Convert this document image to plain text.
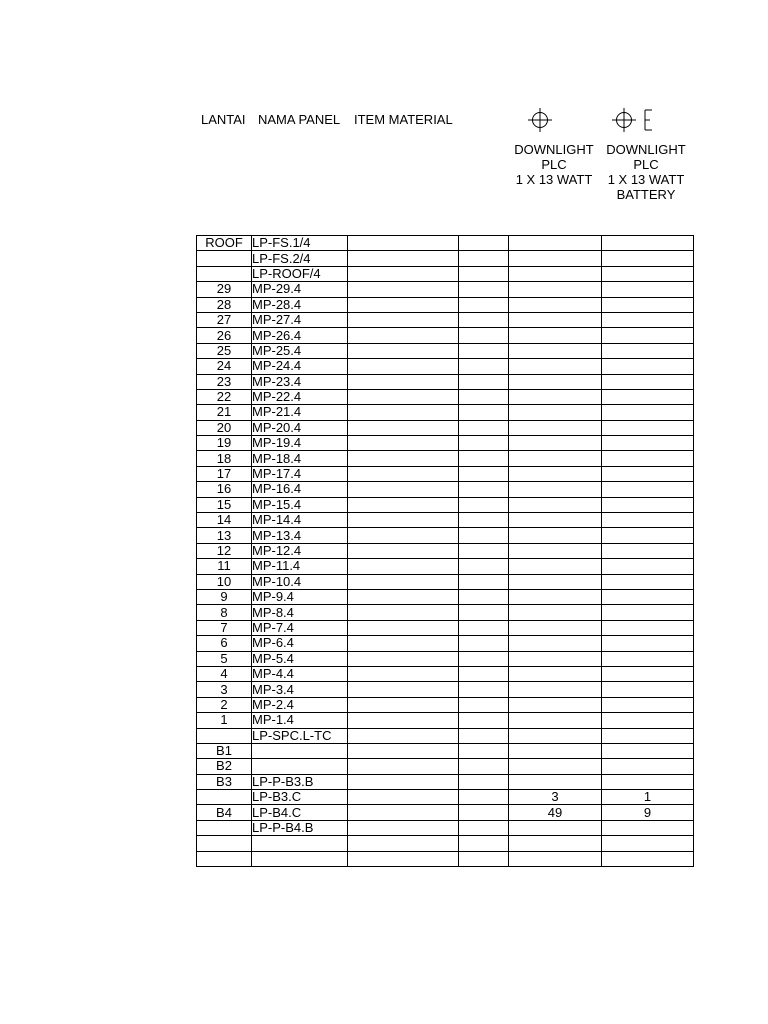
LANTAI NAMA PANEL ITEM MATERIAL
DOWNLIGHT
PLC
1 X 13 WATT
DOWNLIGHT
PLC
1 X 13 WATT
BATTERY
ROOF	LP-FS.1/4				
	LP-FS.2/4				
	LP-ROOF/4				
29	MP-29.4				
28	MP-28.4				
27	MP-27.4				
26	MP-26.4				
25	MP-25.4				
24	MP-24.4				
23	MP-23.4				
22	MP-22.4				
21	MP-21.4				
20	MP-20.4				
19	MP-19.4				
18	MP-18.4				
17	MP-17.4				
16	MP-16.4				
15	MP-15.4				
14	MP-14.4				
13	MP-13.4				
12	MP-12.4				
11	MP-11.4				
10	MP-10.4				
9	MP-9.4				
8	MP-8.4				
7	MP-7.4				
6	MP-6.4				
5	MP-5.4				
4	MP-4.4				
3	MP-3.4				
2	MP-2.4				
1	MP-1.4				
	LP-SPC.L-TC				
B1					
B2					
B3	LP-P-B3.B				
	LP-B3.C			3	1
B4	LP-B4.C			49	9
	LP-P-B4.B				
